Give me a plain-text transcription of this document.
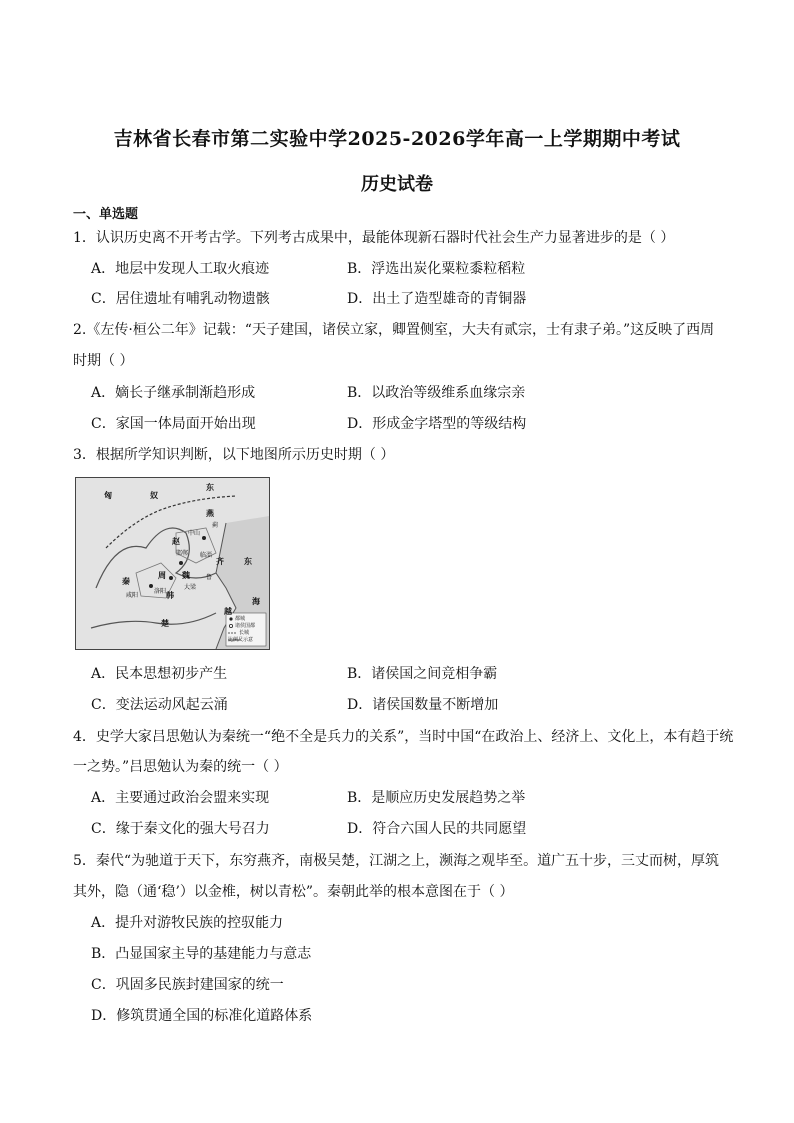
吉林省长春市第二实验中学2025-2026学年高一上学期期中考试
历史试卷
一、单选题
1．认识历史离不开考古学。下列考古成果中，最能体现新石器时代社会生产力显著进步的是（ ）
A．地层中发现人工取火痕迹	B．浮选出炭化粟粒黍粒稻粒
C．居住遗址有哺乳动物遗骸	D．出土了造型雄奇的青铜器
2.《左传·桓公二年》记载：“天子建国，诸侯立家，卿置侧室，大夫有贰宗，士有隶子弟。”这反映了西周
时期（ ）
A．嫡长子继承制渐趋形成	B．以政治等级维系血缘宗亲
C．家国一体局面开始出现	D．形成金字塔型的等级结构
3．根据所学知识判断，以下地图所示历史时期（ ）
东
匈	奴
燕
赵
中山
邯郸
蓟
临淄
齐
秦
咸阳	韩
魏
大梁
洛阳
周
楚
越
东
海
鲁
都城
诸侯国都
长城
比例尺示意
A．民本思想初步产生	B．诸侯国之间竞相争霸
C．变法运动风起云涌	D．诸侯国数量不断增加
4．史学大家吕思勉认为秦统一“绝不全是兵力的关系”，当时中国“在政治上、经济上、文化上，本有趋于统
一之势。”吕思勉认为秦的统一（ ）
A．主要通过政治会盟来实现	B．是顺应历史发展趋势之举
C．缘于秦文化的强大号召力	D．符合六国人民的共同愿望
5．秦代“为驰道于天下，东穷燕齐，南极吴楚，江湖之上，濒海之观毕至。道广五十步，三丈而树，厚筑
其外，隐（通‘稳’）以金椎，树以青松”。秦朝此举的根本意图在于（ ）
A．提升对游牧民族的控驭能力
B．凸显国家主导的基建能力与意志
C．巩固多民族封建国家的统一
D．修筑贯通全国的标准化道路体系
